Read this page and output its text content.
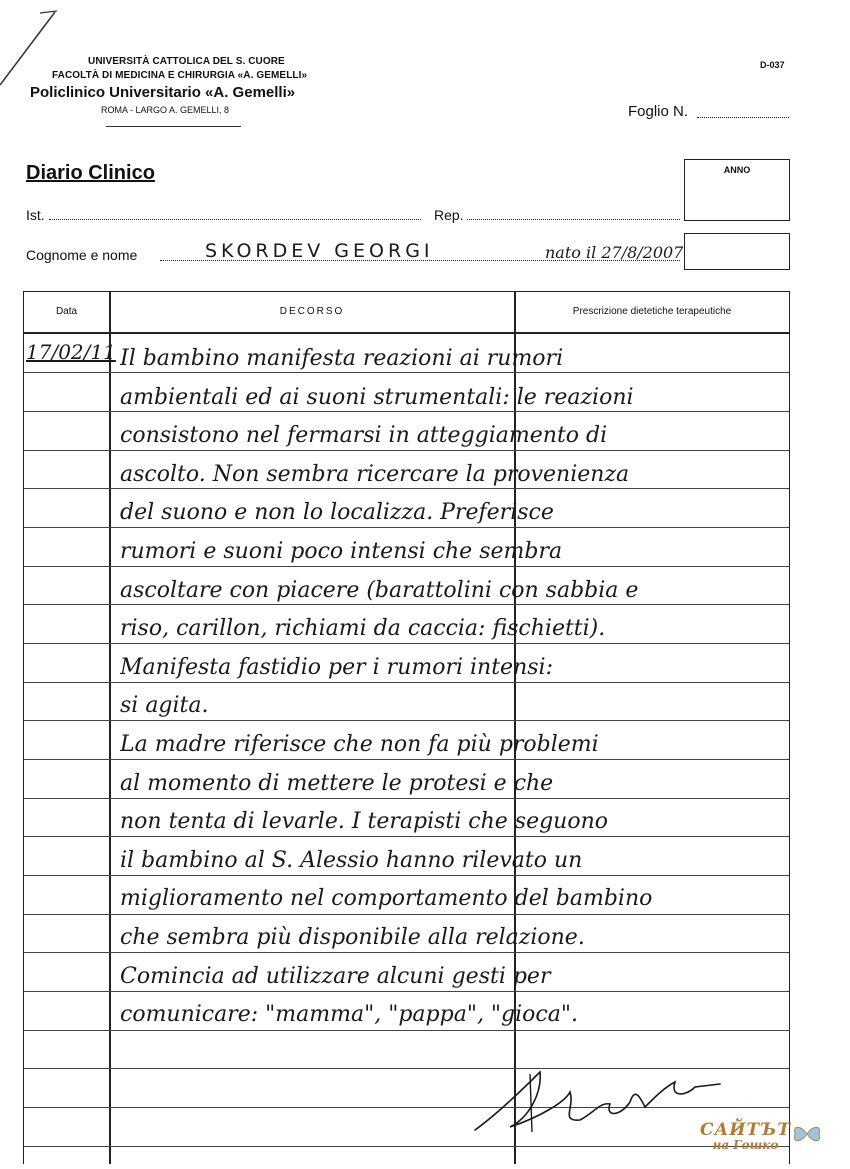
UNIVERSITÀ CATTOLICA DEL S. CUORE
FACOLTÀ DI MEDICINA E CHIRURGIA «A. GEMELLI»
Policlinico Universitario «A. Gemelli»
ROMA - LARGO A. GEMELLI, 8
D-037
Foglio N.
Diario Clinico	ANNO
Ist.	Rep.
Cognome e nome	SKORDEV GEORGI	nato il 27/8/2007
Data	DECORSO	Prescrizione dietetiche terapeutiche
17/02/11 Il bambino manifesta reazioni ai rumori
ambientali ed ai suoni strumentali: le reazioni
consistono nel fermarsi in atteggiamento di
ascolto. Non sembra ricercare la provenienza
del suono e non lo localizza. Preferisce
rumori e suoni poco intensi che sembra
ascoltare con piacere (barattolini con sabbia e
riso, carillon, richiami da caccia: fischietti).
Manifesta fastidio per i rumori intensi:
si agita.
La madre riferisce che non fa più problemi
al momento di mettere le protesi e che
non tenta di levarle. I terapisti che seguono
il bambino al S. Alessio hanno rilevato un
miglioramento nel comportamento del bambino
che sembra più disponibile alla relazione.
Comincia ad utilizzare alcuni gesti per
comunicare: "mamma", "pappa", "gioca".
САЙТЪТ
на Гошко
